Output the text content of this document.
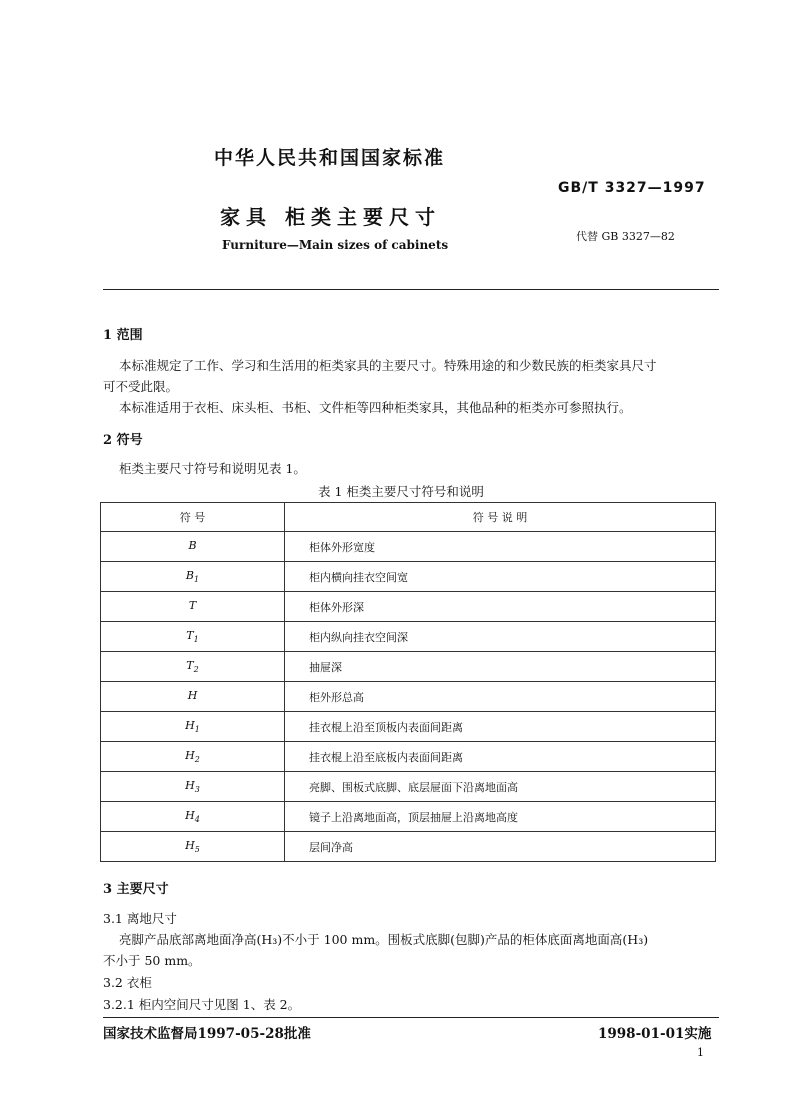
中华人民共和国国家标准
GB/T 3327—1997
家具 柜类主要尺寸
代替 GB 3327—82
Furniture—Main sizes of cabinets
1 范围
本标准规定了工作、学习和生活用的柜类家具的主要尺寸。特殊用途的和少数民族的柜类家具尺寸
可不受此限。
本标准适用于衣柜、床头柜、书柜、文件柜等四种柜类家具，其他品种的柜类亦可参照执行。
2 符号
柜类主要尺寸符号和说明见表 1。
表 1 柜类主要尺寸符号和说明
符 号	符 号 说 明
B	柜体外形宽度
$B_1$	柜内横向挂衣空间宽
T	柜体外形深
$T_1$	柜内纵向挂衣空间深
$T_2$	抽屉深
H	柜外形总高
$H_1$	挂衣棍上沿至顶板内表面间距离
$H_2$	挂衣棍上沿至底板内表面间距离
$H_3$	亮脚、围板式底脚、底层屉面下沿离地面高
$H_4$	镜子上沿离地面高，顶层抽屉上沿离地高度
$H_5$	层间净高
3 主要尺寸
3.1 离地尺寸
亮脚产品底部离地面净高(H₃)不小于 100 mm。围板式底脚(包脚)产品的柜体底面离地面高(H₃)
不小于 50 mm。
3.2 衣柜
3.2.1 柜内空间尺寸见图 1、表 2。
国家技术监督局1997-05-28批准	1998-01-01实施
1
